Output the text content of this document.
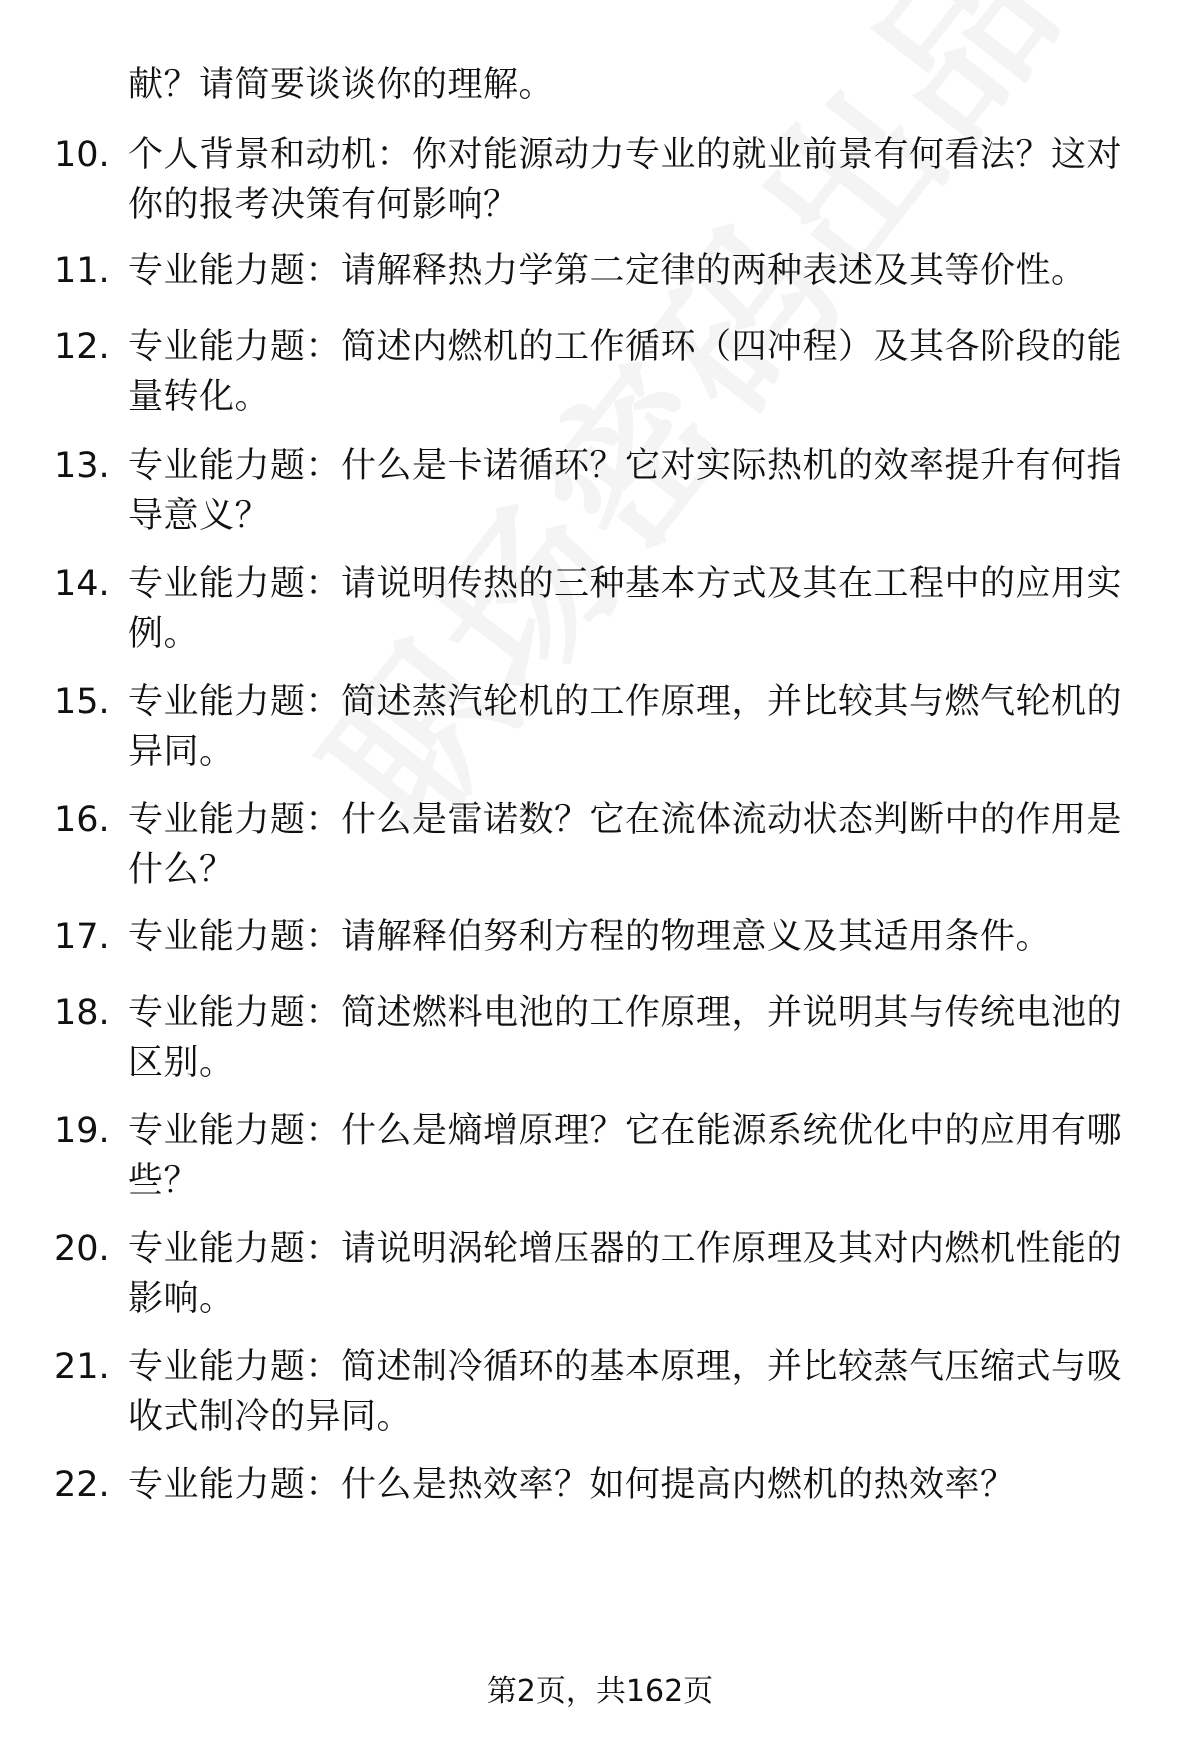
献？请简要谈谈你的理解。
10. 个人背景和动机：你对能源动力专业的就业前景有何看法？这对你的报考决策有何影响？
11. 专业能力题：请解释热力学第二定律的两种表述及其等价性。
12. 专业能力题：简述内燃机的工作循环（四冲程）及其各阶段的能量转化。
13. 专业能力题：什么是卡诺循环？它对实际热机的效率提升有何指导意义？
14. 专业能力题：请说明传热的三种基本方式及其在工程中的应用实例。
15. 专业能力题：简述蒸汽轮机的工作原理，并比较其与燃气轮机的异同。
16. 专业能力题：什么是雷诺数？它在流体流动状态判断中的作用是什么？
17. 专业能力题：请解释伯努利方程的物理意义及其适用条件。
18. 专业能力题：简述燃料电池的工作原理，并说明其与传统电池的区别。
19. 专业能力题：什么是熵增原理？它在能源系统优化中的应用有哪些？
20. 专业能力题：请说明涡轮增压器的工作原理及其对内燃机性能的影响。
21. 专业能力题：简述制冷循环的基本原理，并比较蒸气压缩式与吸收式制冷的异同。
22. 专业能力题：什么是热效率？如何提高内燃机的热效率？
第2页，共162页
